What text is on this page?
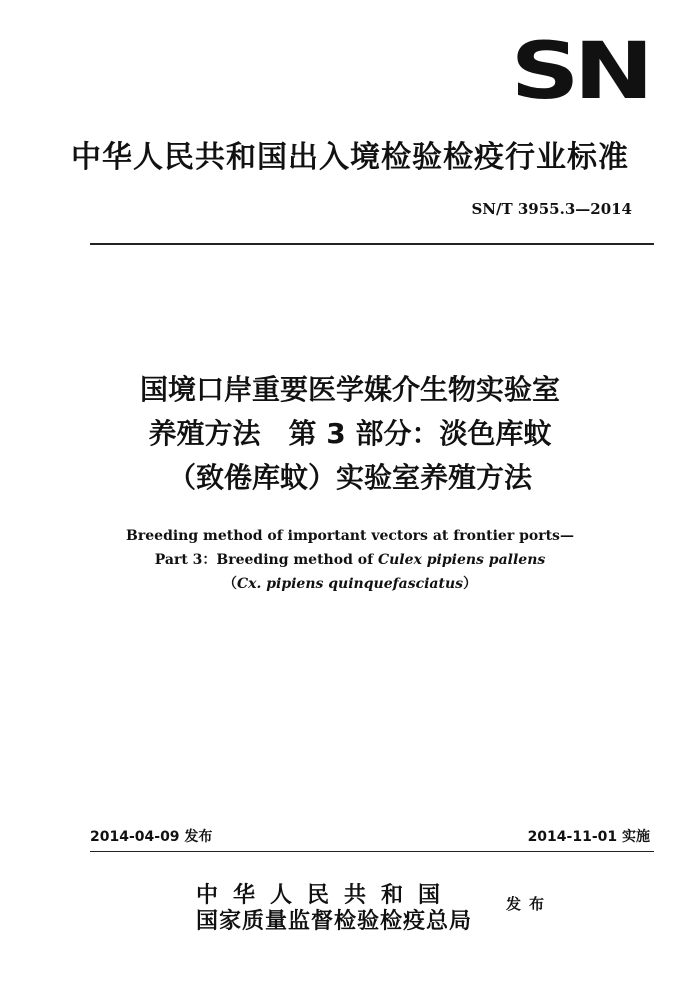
SN
中华人民共和国出入境检验检疫行业标准
SN/T 3955.3—2014
国境口岸重要医学媒介生物实验室
养殖方法　第 3 部分：淡色库蚊
（致倦库蚊）实验室养殖方法
Breeding method of important vectors at frontier ports—
Part 3：Breeding method of Culex pipiens pallens
（Cx. pipiens quinquefasciatus）
2014-04-09 发布	2014-11-01 实施
中华人民共和国
国家质量监督检验检疫总局
发布
